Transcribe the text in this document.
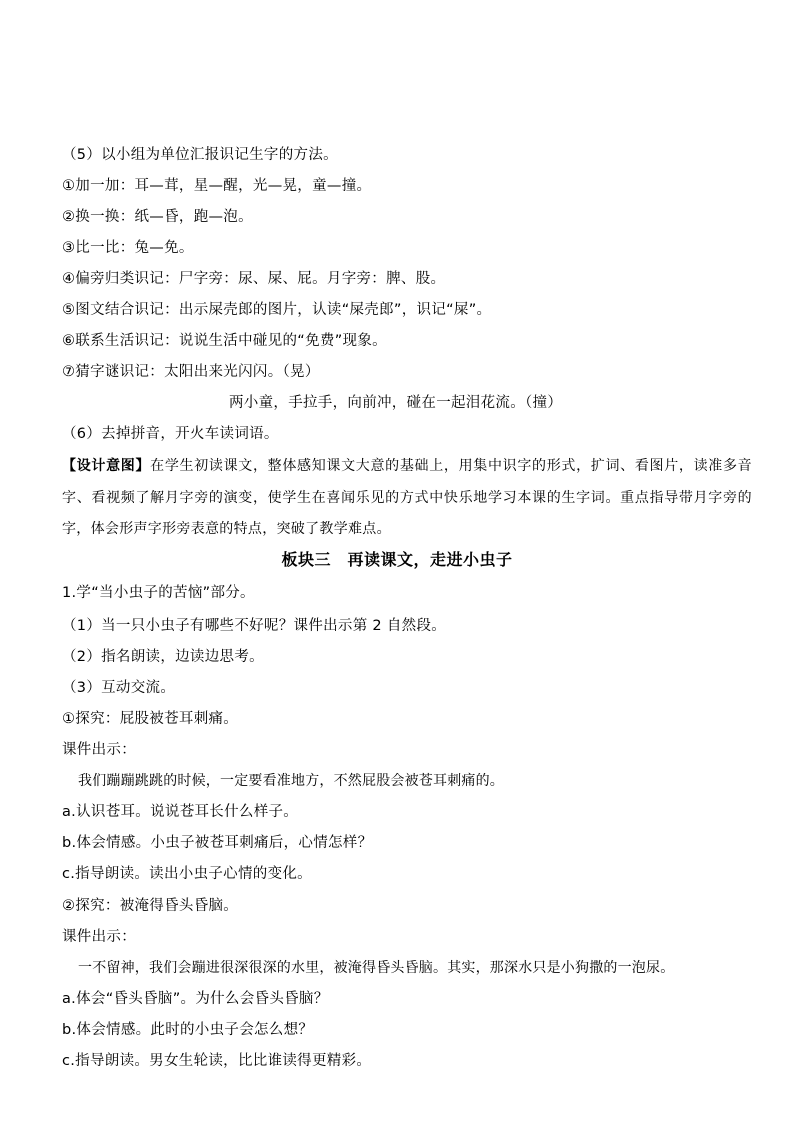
（5）以小组为单位汇报识记生字的方法。
①加一加：耳—茸，星—醒，光—晃，童—撞。
②换一换：纸—昏，跑—泡。
③比一比：兔—免。
④偏旁归类识记：尸字旁：尿、屎、屁。月字旁：脾、股。
⑤图文结合识记：出示屎壳郎的图片，认读“屎壳郎”，识记“屎”。
⑥联系生活识记：说说生活中碰见的“免费”现象。
⑦猜字谜识记：太阳出来光闪闪。（晃）
两小童，手拉手，向前冲，碰在一起泪花流。（撞）
（6）去掉拼音，开火车读词语。
【设计意图】在学生初读课文，整体感知课文大意的基础上，用集中识字的形式，扩词、看图片，读准多音字、看视频了解月字旁的演变，使学生在喜闻乐见的方式中快乐地学习本课的生字词。重点指导带月字旁的字，体会形声字形旁表意的特点，突破了教学难点。
板块三　再读课文，走进小虫子
1.学“当小虫子的苦恼”部分。
（1）当一只小虫子有哪些不好呢？课件出示第 2 自然段。
（2）指名朗读，边读边思考。
（3）互动交流。
①探究：屁股被苍耳刺痛。
课件出示：
我们蹦蹦跳跳的时候，一定要看准地方，不然屁股会被苍耳刺痛的。
a.认识苍耳。说说苍耳长什么样子。
b.体会情感。小虫子被苍耳刺痛后，心情怎样？
c.指导朗读。读出小虫子心情的变化。
②探究：被淹得昏头昏脑。
课件出示：
一不留神，我们会蹦进很深很深的水里，被淹得昏头昏脑。其实，那深水只是小狗撒的一泡尿。
a.体会“昏头昏脑”。为什么会昏头昏脑？
b.体会情感。此时的小虫子会怎么想？
c.指导朗读。男女生轮读，比比谁读得更精彩。
